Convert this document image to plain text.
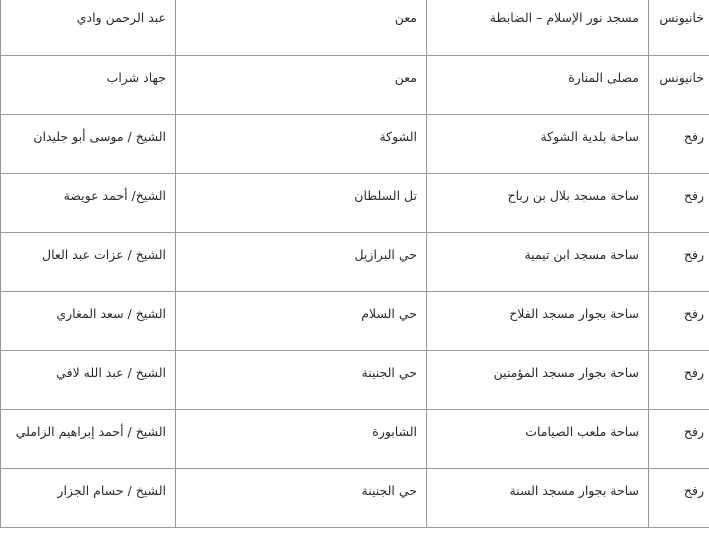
خانيونس	مسجد نور الإسلام – الضابطة	معن	عبد الرحمن وادي
خانيونس	مصلى المنارة	معن	جهاد شراب
رفح	ساحة بلدية الشوكة	الشوكة	الشيخ / موسى أبو جليدان
رفح	ساحة مسجد بلال بن رباح	تل السلطان	الشيخ/ أحمد عويضة
رفح	ساحة مسجد ابن تيمية	حي البرازيل	الشيخ / عزات عبد العال
رفح	ساحة بجوار مسجد الفلاح	حي السلام	الشيخ / سعد المغاري
رفح	ساحة بجوار مسجد المؤمنين	حي الجنينة	الشيخ / عبد الله لافي
رفح	ساحة ملعب الصيامات	الشابورة	الشيخ / أحمد إبراهيم الزاملي
رفح	ساحة بجوار مسجد السنة	حي الجنينة	الشيخ / حسام الجزار
